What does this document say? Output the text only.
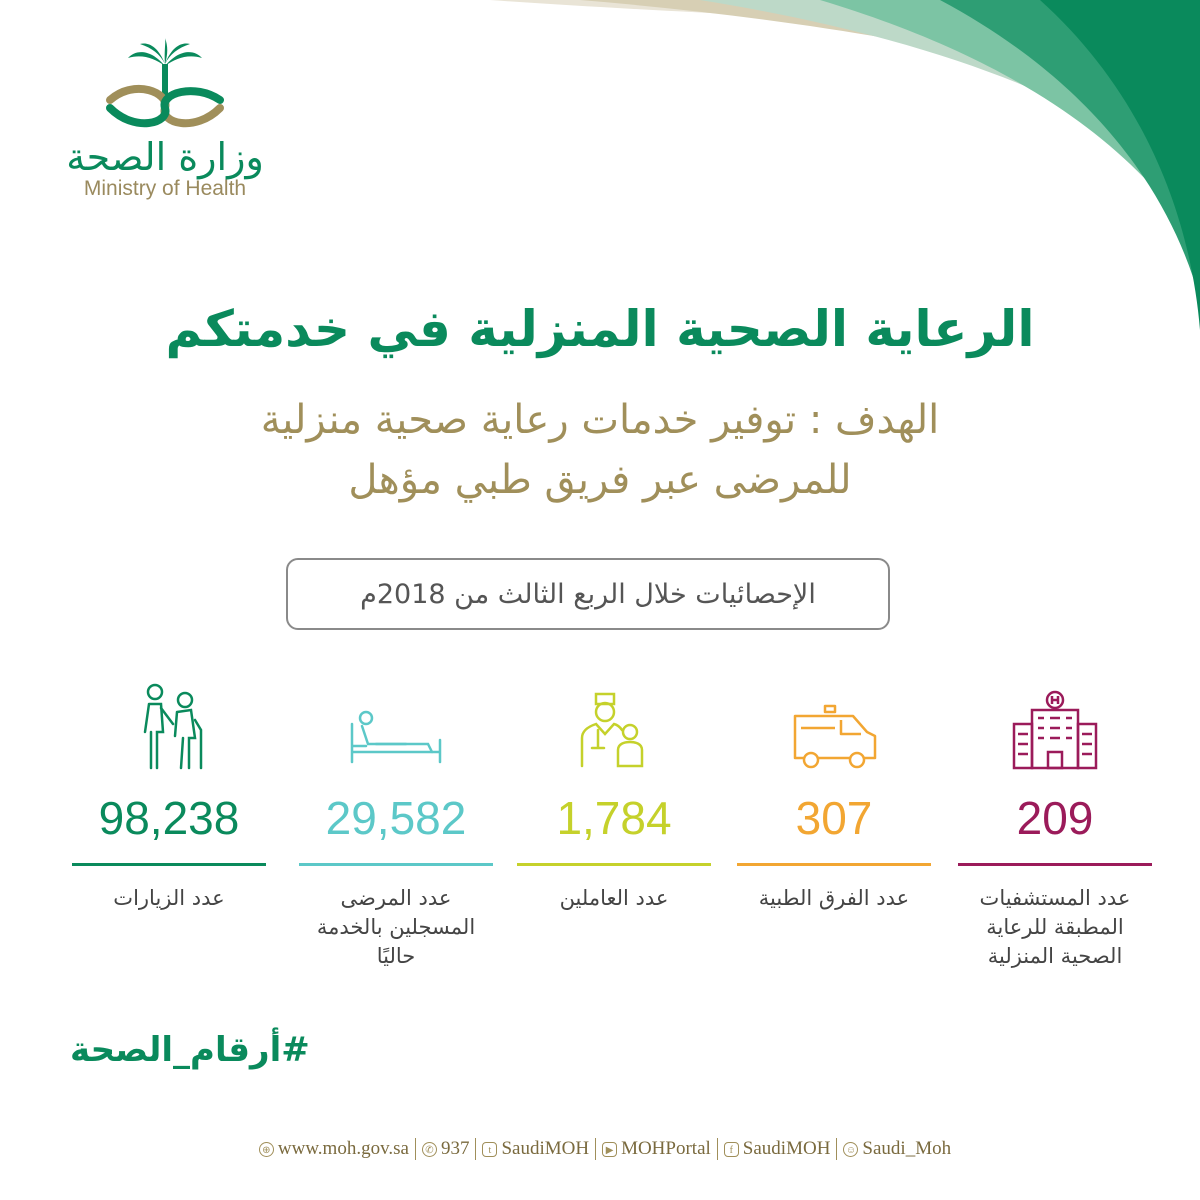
وزارة الصحة
Ministry of Health
الرعاية الصحية المنزلية في خدمتكم
الهدف : توفير خدمات رعاية صحية منزلية
للمرضى عبر فريق طبي مؤهل
الإحصائيات خلال الربع الثالث من 2018م
98,238
عدد الزيارات
29,582
عدد المرضى المسجلين بالخدمة حاليًا
1,784
عدد العاملين
307
عدد الفرق الطبية
209
عدد المستشفيات المطبقة للرعاية الصحية المنزلية
#أرقام_الصحة
⊕ www.moh.gov.sa	✆ 937	t SaudiMOH	▶ MOHPortal	f SaudiMOH ☺ Saudi_Moh
